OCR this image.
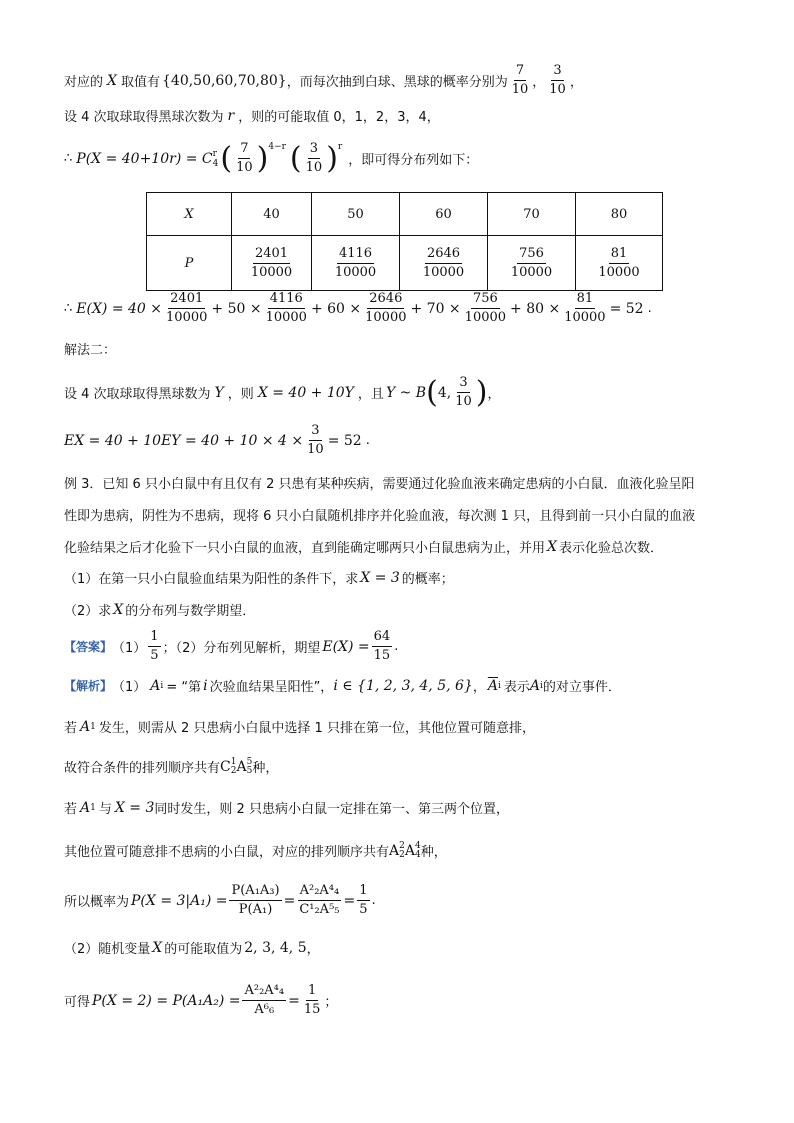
对应的 X 取值有 {40,50,60,70,80} ，而每次抽到白球、黑球的概率分别为 $\frac{7}{10}$ ， $\frac{3}{10}$ ，
设 4 次取球取得黑球次数为 r ，则的可能取值 0，1，2，3，4，
∴ P(X = 40+10r) = C r
4 ( $\frac{7}{10} )^{4-r}$ ( $\frac{3}{10} )^r$
，即可得分布列如下：
X	40	50	60	70	80
P	$\frac{2401}{10000}$	$\frac{4116}{10000}$	$\frac{2646}{10000}$	$\frac{756}{10000}$	$\frac{81}{10000}$
∴ $E(X) = 40 \times \frac{2401}{10000} + 50 \times \frac{4116}{10000} + 60 \times \frac{2646}{10000} + 70 \times \frac{756}{10000} + 80 \times \frac{81}{10000} = 52$ .
解法二：
设 4 次取球取得黑球数为 Y ，则 X = 40 + 10Y ，且 Y ~ B ( 4, $\frac{3}{10}$ ) ，
EX = $40 + 10EY = 40 + 10 \times 4 \times \frac{3}{10} = 52$ .
例 3．已知 6 只小白鼠中有且仅有 2 只患有某种疾病，需要通过化验血液来确定患病的小白鼠．血液化验呈阳
性即为患病，阴性为不患病，现将 6 只小白鼠随机排序并化验血液，每次测 1 只，且得到前一只小白鼠的血液
化验结果之后才化验下一只小白鼠的血液，直到能确定哪两只小白鼠患病为止，并用 X 表示化验总次数．
（1）在第一只小白鼠验血结果为阳性的条件下，求 X = 3 的概率；
（2）求 X 的分布列与数学期望．
【答案】 $(1) \frac{1}{5}$ ；（2）分布列见解析，期望 $E(X) = \frac{64}{15}$ .
【解析】 （1） A i = “第 i 次验血结果呈阳性”， i ∈ {1, 2, 3, 4, 5, 6} ， $\overline{A}$ i 表示 A i 的对立事件．
若 A 1 发生，则需从 2 只患病小白鼠中选择 1 只排在第一位，其他位置可随意排，
故符合条件的排列顺序共有 C 1
2 A 5
5 种，
若 A 1 与 X = 3 同时发生，则 2 只患病小白鼠一定排在第一、第三两个位置，
其他位置可随意排不患病的小白鼠，对应的排列顺序共有 A 2
2 A 4
4 种，
所以概率为 $P(X = 3|A_1) = \frac{\text{P(A₁A₃)}}{\text{P(A₁)}} = \frac{\text{A²₂A⁴₄}}{\text{C¹₂A⁵₅}} = \frac{1}{5}$ .
（2）随机变量 X 的可能取值为 2, 3, 4, 5 ，
可得 $P(X = 2) = P(A_1A_2) = \frac{\text{A²₂A⁴₄}}{\text{A⁶₆}} = \frac{1}{15}$ ；
